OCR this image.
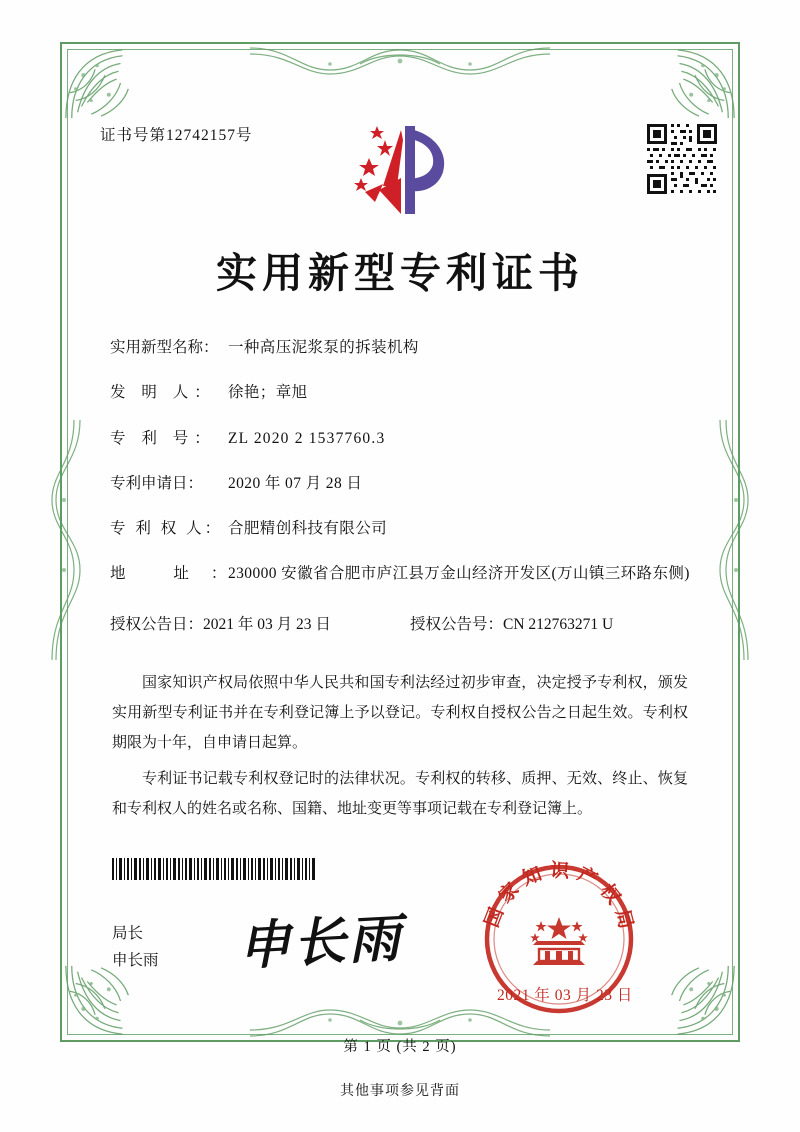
证书号第12742157号
实用新型专利证书
实用新型名称： 一种高压泥浆泵的拆装机构
发 明 人： 徐艳；章旭
专 利 号： ZL 2020 2 1537760.3
专利申请日：	2020 年 07 月 28 日
专 利 权 人： 合肥精创科技有限公司
地 址：
230000 安徽省合肥市庐江县万金山经济开发区(万山镇三环路东侧)
授权公告日：2021 年 03 月 23 日	授权公告号：CN 212763271 U

国家知识产权局依照中华人民共和国专利法经过初步审查，决定授予专利权，颁发实用新型专利证书并在专利登记簿上予以登记。专利权自授权公告之日起生效。专利权期限为十年，自申请日起算。

专利证书记载专利权登记时的法律状况。专利权的转移、质押、无效、终止、恢复和专利权人的姓名或名称、国籍、地址变更等事项记载在专利登记簿上。

局长
申长雨 申长雨	国家知识产权局
2021 年 03 月 23 日
第 1 页 (共 2 页)
其他事项参见背面
